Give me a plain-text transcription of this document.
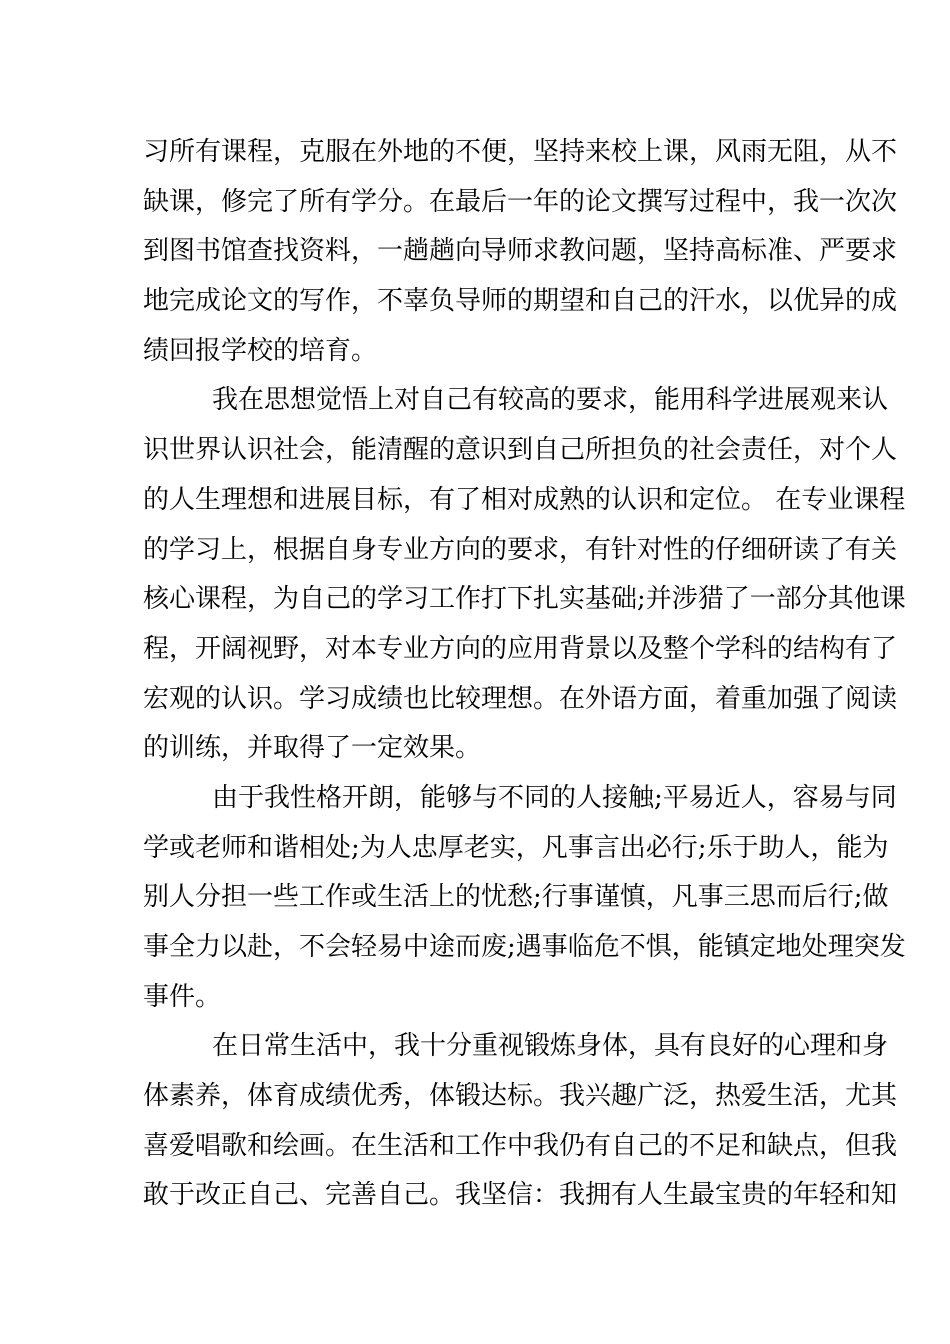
习所有课程，克服在外地的不便，坚持来校上课，风雨无阻，从不
缺课，修完了所有学分。在最后一年的论文撰写过程中，我一次次
到图书馆查找资料，一趟趟向导师求教问题，坚持高标准、严要求
地完成论文的写作，不辜负导师的期望和自己的汗水，以优异的成
绩回报学校的培育。
我在思想觉悟上对自己有较高的要求，能用科学进展观来认
识世界认识社会，能清醒的意识到自己所担负的社会责任，对个人
的人生理想和进展目标，有了相对成熟的认识和定位。 在专业课程
的学习上，根据自身专业方向的要求，有针对性的仔细研读了有关
核心课程，为自己的学习工作打下扎实基础;并涉猎了一部分其他课
程，开阔视野，对本专业方向的应用背景以及整个学科的结构有了
宏观的认识。学习成绩也比较理想。在外语方面，着重加强了阅读
的训练，并取得了一定效果。
由于我性格开朗，能够与不同的人接触;平易近人，容易与同
学或老师和谐相处;为人忠厚老实，凡事言出必行;乐于助人，能为
别人分担一些工作或生活上的忧愁;行事谨慎，凡事三思而后行;做
事全力以赴，不会轻易中途而废;遇事临危不惧，能镇定地处理突发
事件。
在日常生活中，我十分重视锻炼身体，具有良好的心理和身
体素养，体育成绩优秀，体锻达标。我兴趣广泛，热爱生活，尤其
喜爱唱歌和绘画。在生活和工作中我仍有自己的不足和缺点，但我
敢于改正自己、完善自己。我坚信：我拥有人生最宝贵的年轻和知
